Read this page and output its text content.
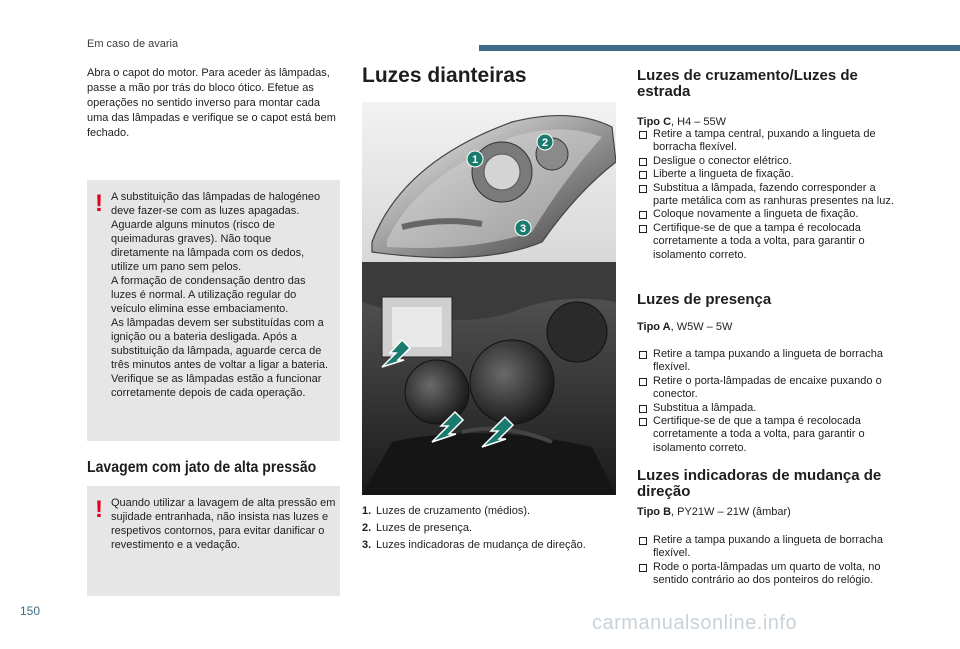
Em caso de avaria
Abra o capot do motor. Para aceder às lâmpadas, passe a mão por trás do bloco ótico. Efetue as operações no sentido inverso para montar cada uma das lâmpadas e verifique se o capot está bem fechado.
! A substituição das lâmpadas de halogéneo deve fazer-se com as luzes apagadas. Aguarde alguns minutos (risco de queimaduras graves). Não toque diretamente na lâmpada com os dedos, utilize um pano sem pelos.
A formação de condensação dentro das luzes é normal. A utilização regular do veículo elimina esse embaciamento.
As lâmpadas devem ser substituídas com a ignição ou a bateria desligada. Após a substituição da lâmpada, aguarde cerca de três minutos antes de voltar a ligar a bateria.
Verifique se as lâmpadas estão a funcionar corretamente depois de cada operação.
Lavagem com jato de alta pressão
! Quando utilizar a lavagem de alta pressão em sujidade entranhada, não insista nas luzes e respetivos contornos, para evitar danificar o revestimento e a vedação.
Luzes dianteiras
1
2
3
1. Luzes de cruzamento (médios).
2. Luzes de presença.
3. Luzes indicadoras de mudança de direção.
Luzes de cruzamento/Luzes de estrada
Tipo C, H4 – 55W
Retire a tampa central, puxando a lingueta de borracha flexível.
Desligue o conector elétrico.
Liberte a lingueta de fixação.
Substitua a lâmpada, fazendo corresponder a parte metálica com as ranhuras presentes na luz.
Coloque novamente a lingueta de fixação.
Certifique-se de que a tampa é recolocada corretamente a toda a volta, para garantir o isolamento correto.
Luzes de presença
Tipo A, W5W – 5W
Retire a tampa puxando a lingueta de borracha flexível.
Retire o porta-lâmpadas de encaixe puxando o conector.
Substitua a lâmpada.
Certifique-se de que a tampa é recolocada corretamente a toda a volta, para garantir o isolamento correto.
Luzes indicadoras de mudança de direção
Tipo B, PY21W – 21W (âmbar)
Retire a tampa puxando a lingueta de borracha flexível.
Rode o porta-lâmpadas um quarto de volta, no sentido contrário ao dos ponteiros do relógio.
150
carmanualsonline.info
